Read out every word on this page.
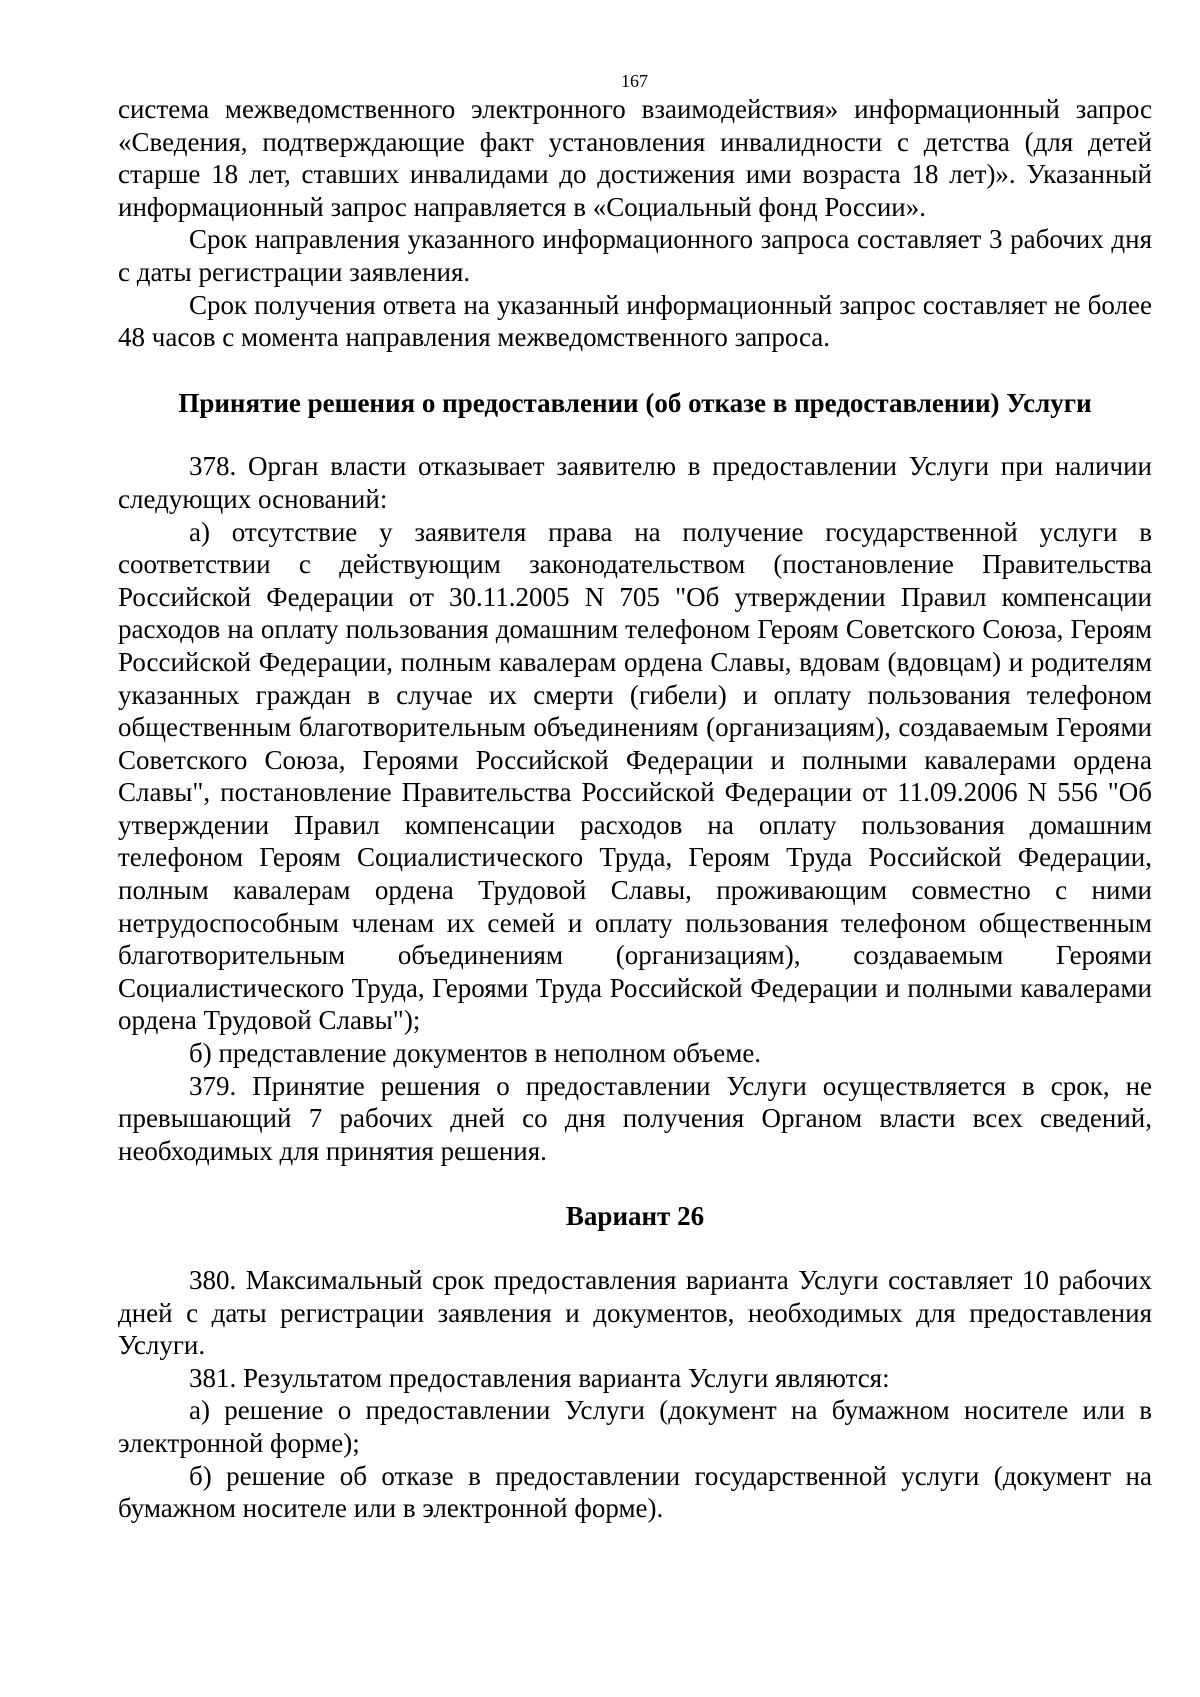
167

система межведомственного электронного взаимодействия» информационный запрос «Сведения, подтверждающие факт установления инвалидности с детства (для детей старше 18 лет, ставших инвалидами до достижения ими возраста 18 лет)». Указанный информационный запрос направляется в «Социальный фонд России».

Срок направления указанного информационного запроса составляет 3 рабочих дня с даты регистрации заявления.

Срок получения ответа на указанный информационный запрос составляет не более 48 часов с момента направления межведомственного запроса.

Принятие решения о предоставлении (об отказе в предоставлении) Услуги

378. Орган власти отказывает заявителю в предоставлении Услуги при наличии следующих оснований:

а) отсутствие у заявителя права на получение государственной услуги в соответствии с действующим законодательством (постановление Правительства Российской Федерации от 30.11.2005 N 705 "Об утверждении Правил компенсации расходов на оплату пользования домашним телефоном Героям Советского Союза, Героям Российской Федерации, полным кавалерам ордена Славы, вдовам (вдовцам) и родителям указанных граждан в случае их смерти (гибели) и оплату пользования телефоном общественным благотворительным объединениям (организациям), создаваемым Героями Советского Союза, Героями Российской Федерации и полными кавалерами ордена Славы", постановление Правительства Российской Федерации от 11.09.2006 N 556 "Об утверждении Правил компенсации расходов на оплату пользования домашним телефоном Героям Социалистического Труда, Героям Труда Российской Федерации, полным кавалерам ордена Трудовой Славы, проживающим совместно с ними нетрудоспособным членам их семей и оплату пользования телефоном общественным благотворительным объединениям (организациям), создаваемым Героями Социалистического Труда, Героями Труда Российской Федерации и полными кавалерами ордена Трудовой Славы");

б) представление документов в неполном объеме.

379. Принятие решения о предоставлении Услуги осуществляется в срок, не превышающий 7 рабочих дней со дня получения Органом власти всех сведений, необходимых для принятия решения.

Вариант 26

380. Максимальный срок предоставления варианта Услуги составляет 10 рабочих дней с даты регистрации заявления и документов, необходимых для предоставления Услуги.

381. Результатом предоставления варианта Услуги являются:

а) решение о предоставлении Услуги (документ на бумажном носителе или в электронной форме);

б) решение об отказе в предоставлении государственной услуги (документ на бумажном носителе или в электронной форме).
